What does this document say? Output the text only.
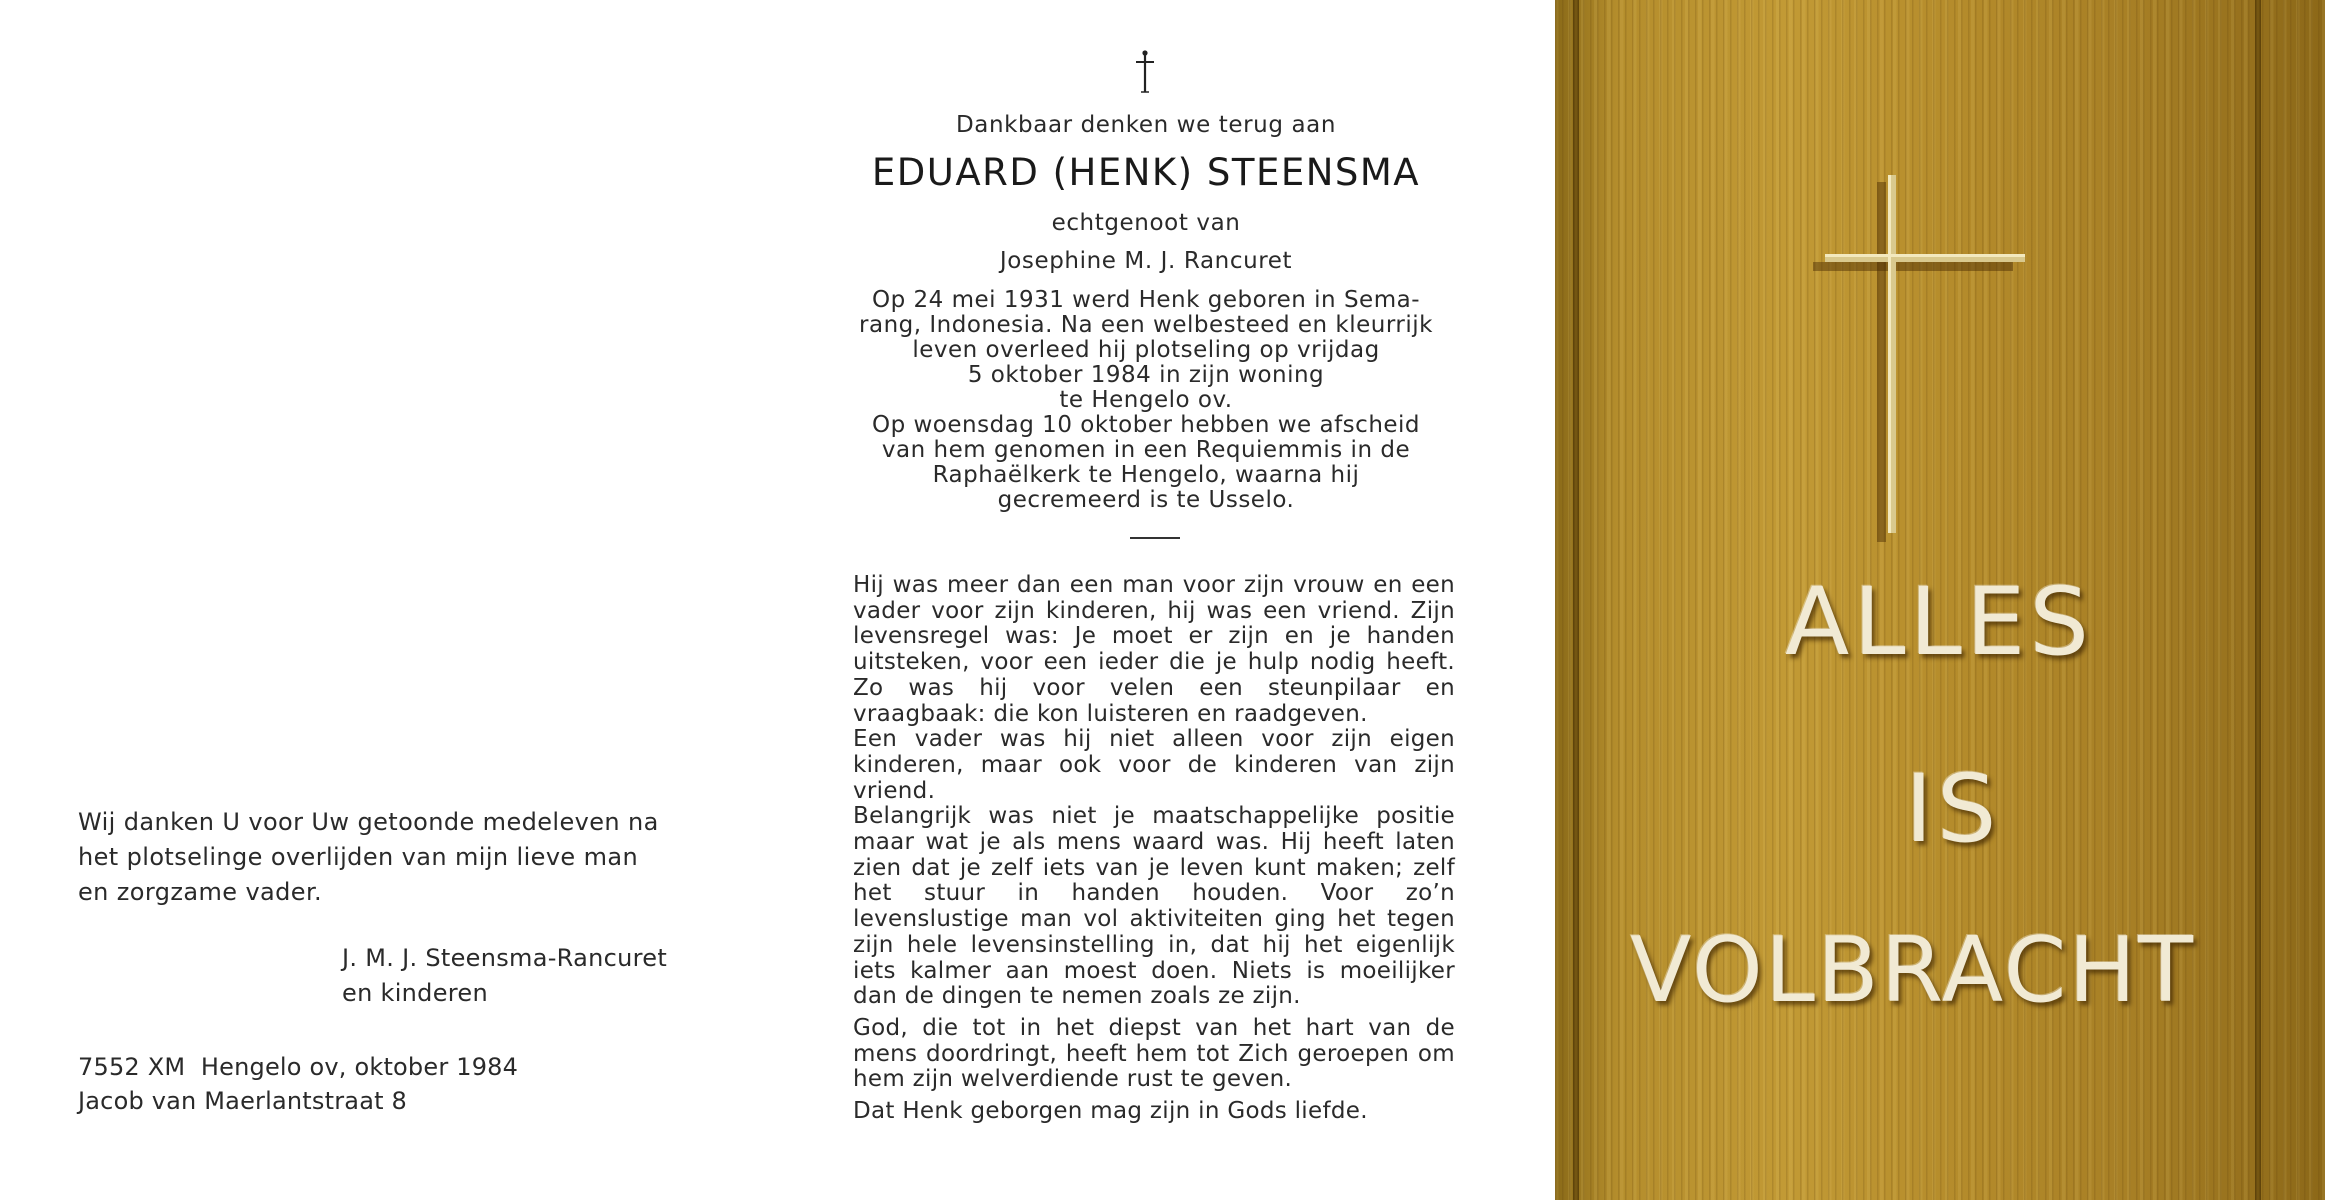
Wij danken U voor Uw getoonde medeleven na
het plotselinge overlijden van mijn lieve man
en zorgzame vader.
J. M. J. Steensma-Rancuret
en kinderen
7552 XM  Hengelo ov, oktober 1984
Jacob van Maerlantstraat 8
Dankbaar denken we terug aan
EDUARD (HENK) STEENSMA
echtgenoot van
Josephine M. J. Rancuret
Op 24 mei 1931 werd Henk geboren in Sema-
rang, Indonesia. Na een welbesteed en kleurrijk
leven overleed hij plotseling op vrijdag
5 oktober 1984 in zijn woning
te Hengelo ov.
Op woensdag 10 oktober hebben we afscheid
van hem genomen in een Requiemmis in de
Raphaëlkerk te Hengelo, waarna hij
gecremeerd is te Usselo.

Hij was meer dan een man voor zijn vrouw en een vader voor zijn kinderen, hij was een vriend. Zijn levensregel was: Je moet er zijn en je handen uitsteken, voor een ieder die je hulp nodig heeft. Zo was hij voor velen een steunpilaar en vraagbaak: die kon luisteren en raadgeven.

Een vader was hij niet alleen voor zijn eigen kinderen, maar ook voor de kinderen van zijn vriend.

Belangrijk was niet je maatschappelijke positie maar wat je als mens waard was. Hij heeft laten zien dat je zelf iets van je leven kunt maken; zelf het stuur in handen houden. Voor zo’n levenslustige man vol aktiviteiten ging het tegen zijn hele levensinstelling in, dat hij het eigenlijk iets kalmer aan moest doen. Niets is moeilijker dan de dingen te nemen zoals ze zijn.

God, die tot in het diepst van het hart van de mens doordringt, heeft hem tot Zich geroepen om hem zijn welverdiende rust te geven.

Dat Henk geborgen mag zijn in Gods liefde.

ALLES
IS
VOLBRACHT
